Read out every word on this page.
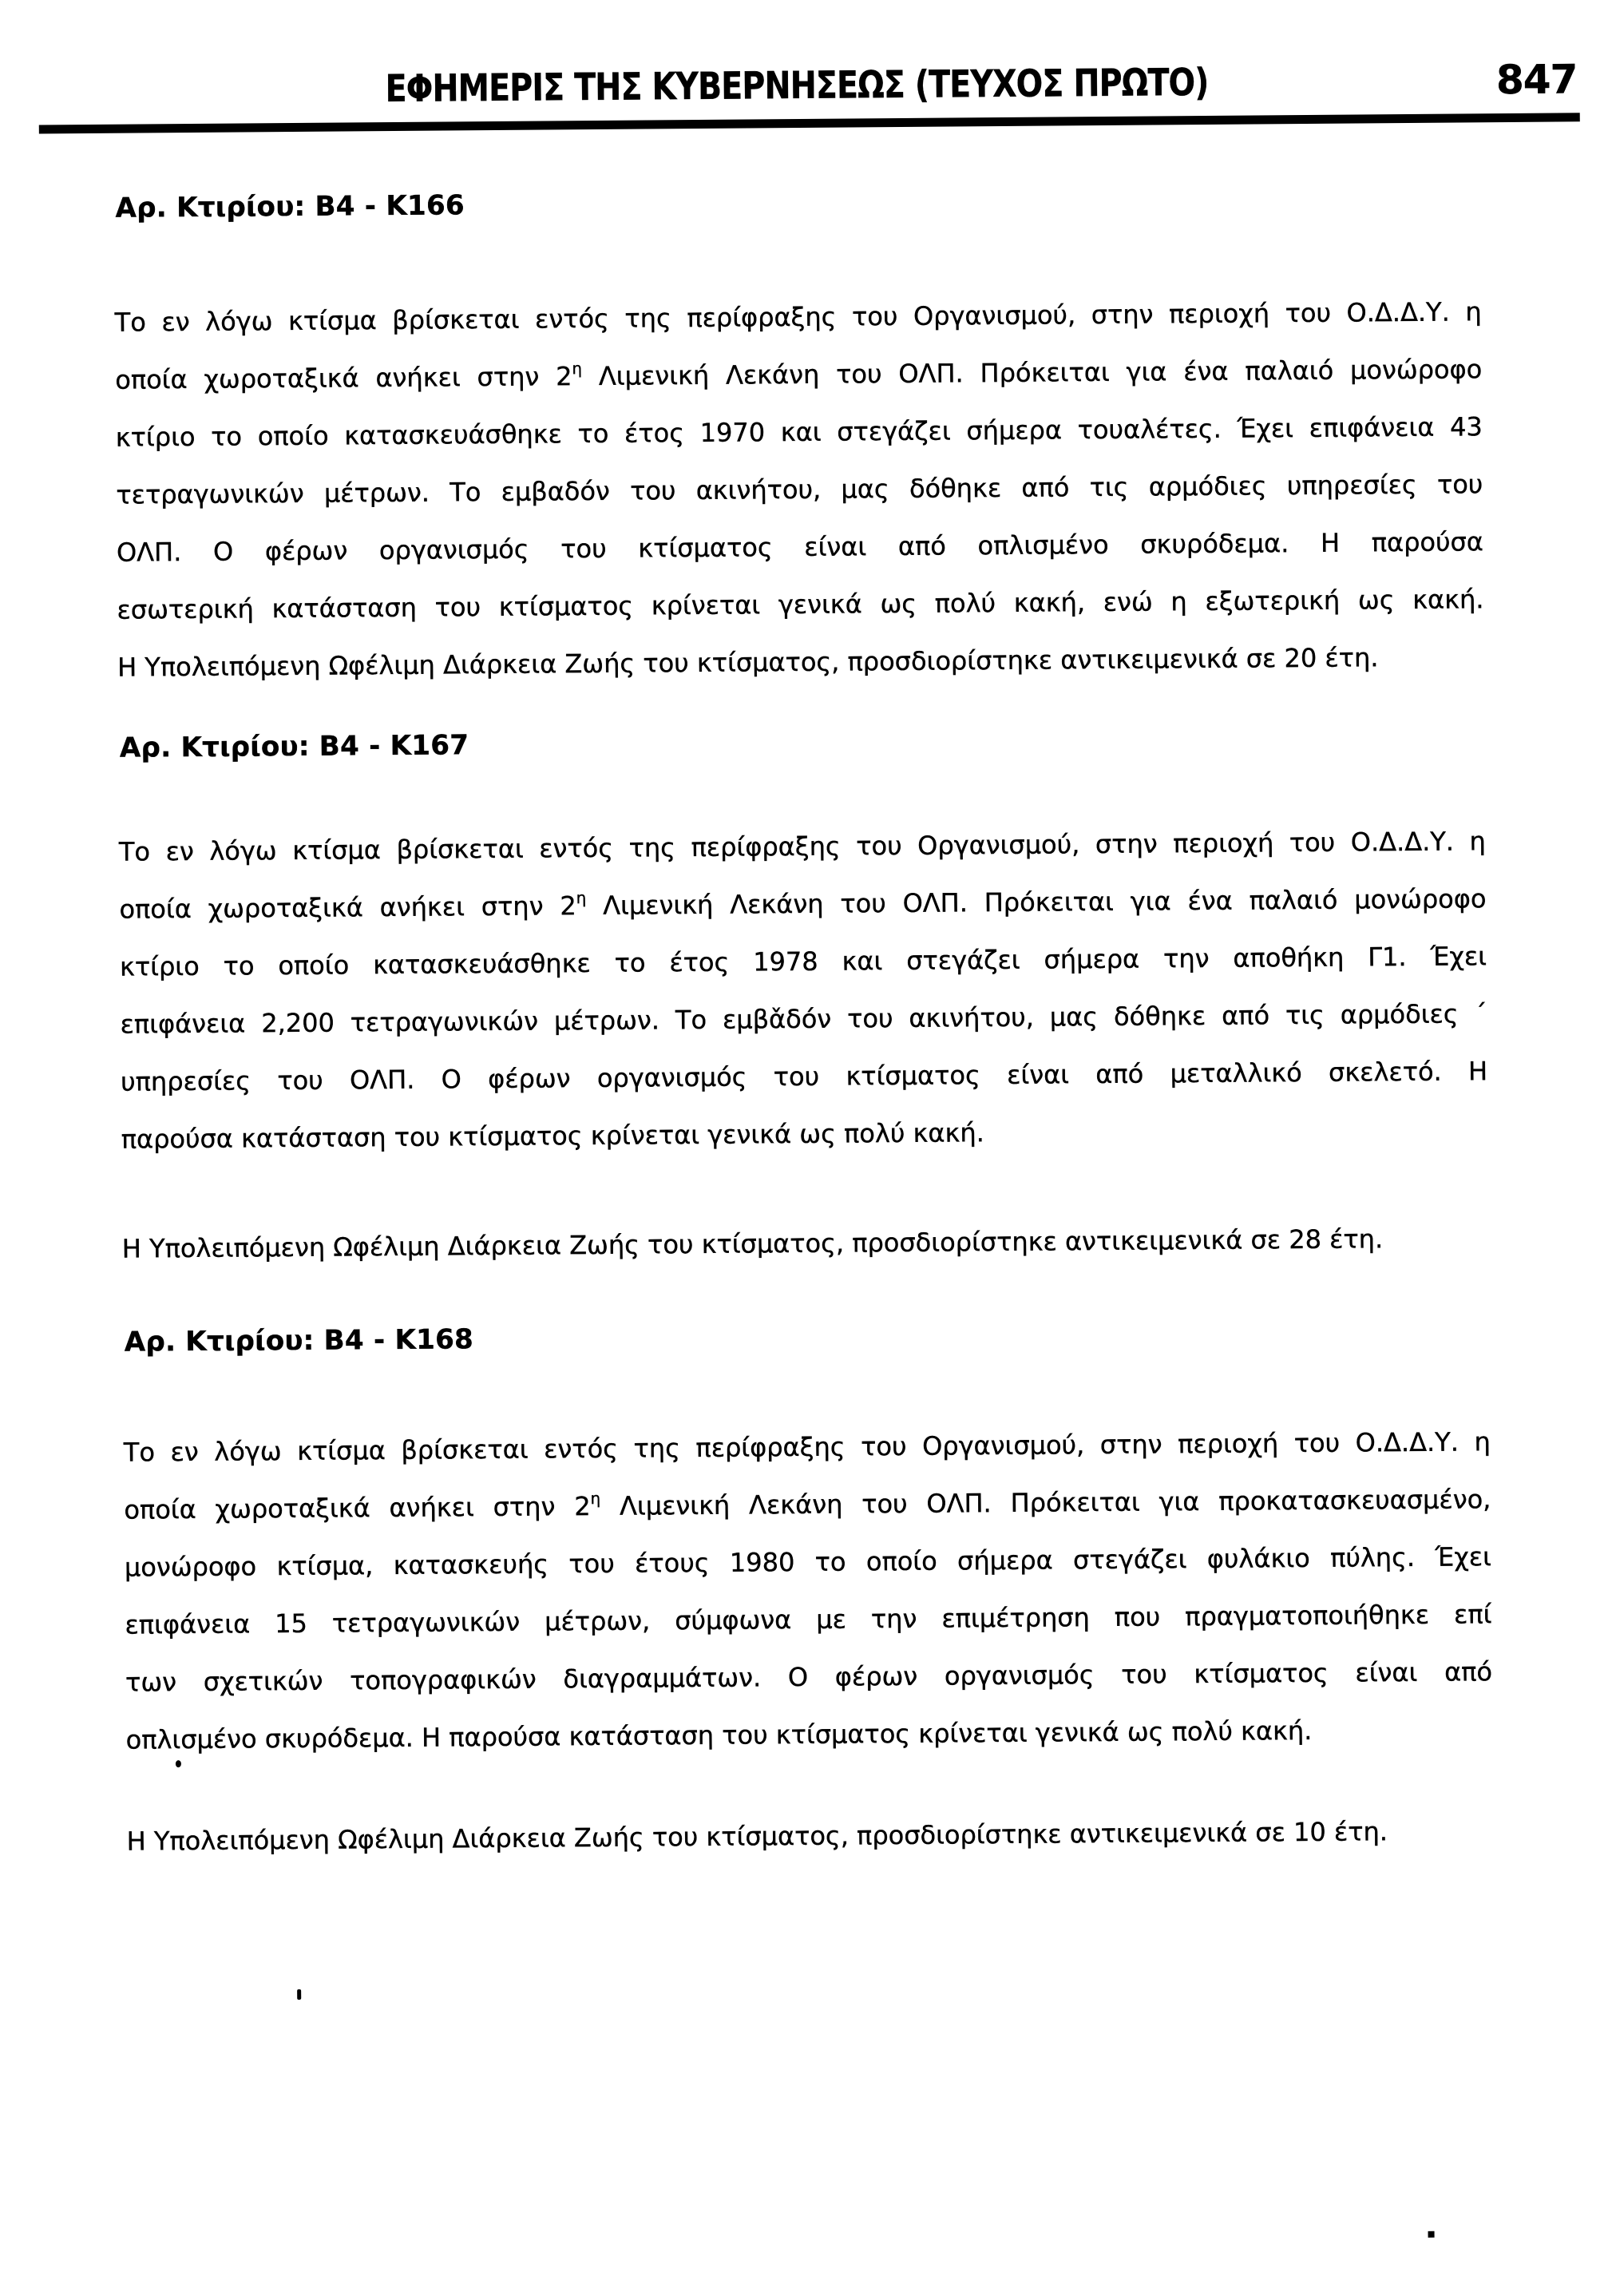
ΕΦΗΜΕΡΙΣ ΤΗΣ ΚΥΒΕΡΝΗΣΕΩΣ (ΤΕΥΧΟΣ ΠΡΩΤΟ)	847
Αρ. Κτιρίου: Β4 - Κ166
Το εν λόγω κτίσμα βρίσκεται εντός της περίφραξης του Οργανισμού, στην περιοχή του Ο.Δ.Δ.Υ. η
οποία χωροταξικά ανήκει στην $2^\eta$ Λιμενική Λεκάνη του ΟΛΠ. Πρόκειται για ένα παλαιό μονώροφο
κτίριο το οποίο κατασκευάσθηκε το έτος 1970 και στεγάζει σήμερα τουαλέτες. Έχει επιφάνεια 43
τετραγωνικών μέτρων. Το εμβαδόν του ακινήτου, μας δόθηκε από τις αρμόδιες υπηρεσίες του
ΟΛΠ. Ο φέρων οργανισμός του κτίσματος είναι από οπλισμένο σκυρόδεμα. Η παρούσα
εσωτερική κατάσταση του κτίσματος κρίνεται γενικά ως πολύ κακή, ενώ η εξωτερική ως κακή.
Η Υπολειπόμενη Ωφέλιμη Διάρκεια Ζωής του κτίσματος, προσδιορίστηκε αντικειμενικά σε 20 έτη.
Αρ. Κτιρίου: Β4 - Κ167
Το εν λόγω κτίσμα βρίσκεται εντός της περίφραξης του Οργανισμού, στην περιοχή του Ο.Δ.Δ.Υ. η
οποία χωροταξικά ανήκει στην $2^\eta$ Λιμενική Λεκάνη του ΟΛΠ. Πρόκειται για ένα παλαιό μονώροφο
κτίριο το οποίο κατασκευάσθηκε το έτος 1978 και στεγάζει σήμερα την αποθήκη Γ1. Έχει
επιφάνεια 2,200 τετραγωνικών μέτρων. Το εμβα̌δόν του ακινήτου, μας δόθηκε από τις αρμόδιες ´
υπηρεσίες του ΟΛΠ. Ο φέρων οργανισμός του κτίσματος είναι από μεταλλικό σκελετό. Η
παρούσα κατάσταση του κτίσματος κρίνεται γενικά ως πολύ κακή.
Η Υπολειπόμενη Ωφέλιμη Διάρκεια Ζωής του κτίσματος, προσδιορίστηκε αντικειμενικά σε 28 έτη.
Αρ. Κτιρίου: Β4 - Κ168
Το εν λόγω κτίσμα βρίσκεται εντός της περίφραξης του Οργανισμού, στην περιοχή του Ο.Δ.Δ.Υ. η
οποία χωροταξικά ανήκει στην $2^\eta$ Λιμενική Λεκάνη του ΟΛΠ. Πρόκειται για προκατασκευασμένο,
μονώροφο κτίσμα, κατασκευής του έτους 1980 το οποίο σήμερα στεγάζει φυλάκιο πύλης. Έχει
επιφάνεια 15 τετραγωνικών μέτρων, σύμφωνα με την επιμέτρηση που πραγματοποιήθηκε επί
των σχετικών τοπογραφικών διαγραμμάτων. Ο φέρων οργανισμός του κτίσματος είναι από
οπλισμένο σκυρόδεμα. Η παρούσα κατάσταση του κτίσματος κρίνεται γενικά ως πολύ κακή.
Η Υπολειπόμενη Ωφέλιμη Διάρκεια Ζωής του κτίσματος, προσδιορίστηκε αντικειμενικά σε 10 έτη.
